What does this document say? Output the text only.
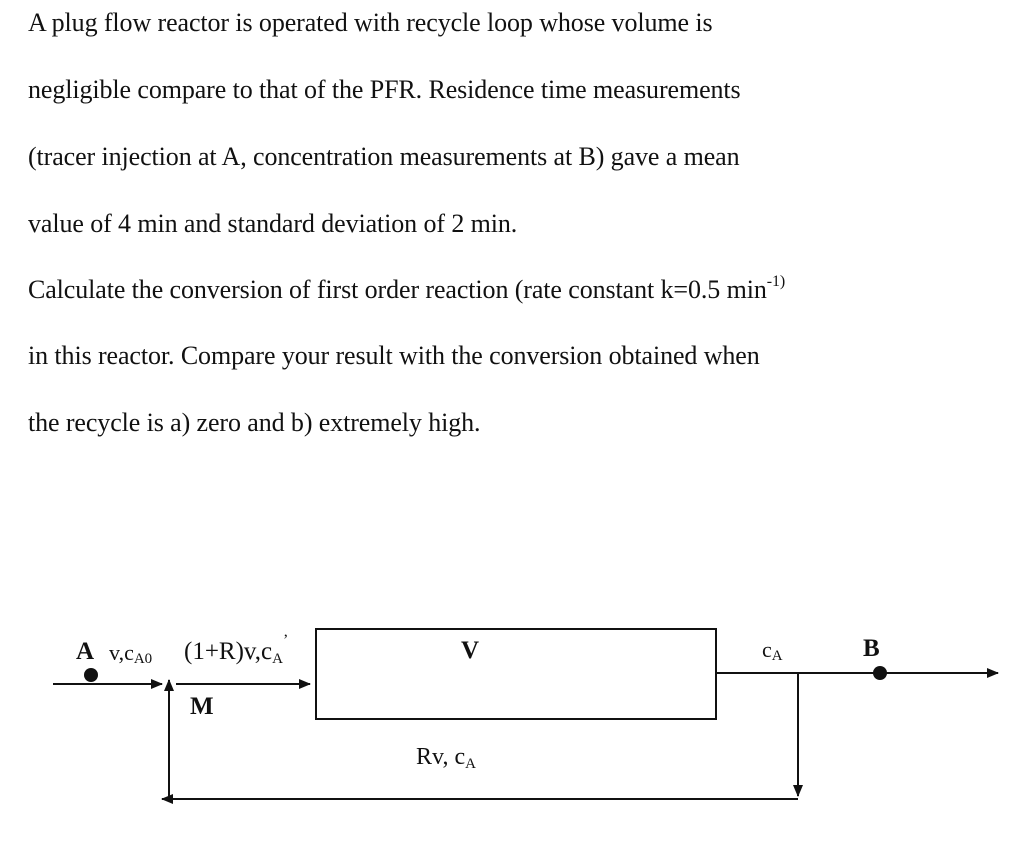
A plug flow reactor is operated with recycle loop whose volume is
negligible compare to that of the PFR. Residence time measurements
(tracer injection at A, concentration measurements at B) gave a mean
value of 4 min and standard deviation of 2 min.
Calculate the conversion of first order reaction (rate constant k=0.5 $\min^{-1)}$
in this reactor. Compare your result with the conversion obtained when
the recycle is a) zero and b) extremely high.
A v,cA0 (1+R)v,cA’
M
V	cA	B
Rv, cA
